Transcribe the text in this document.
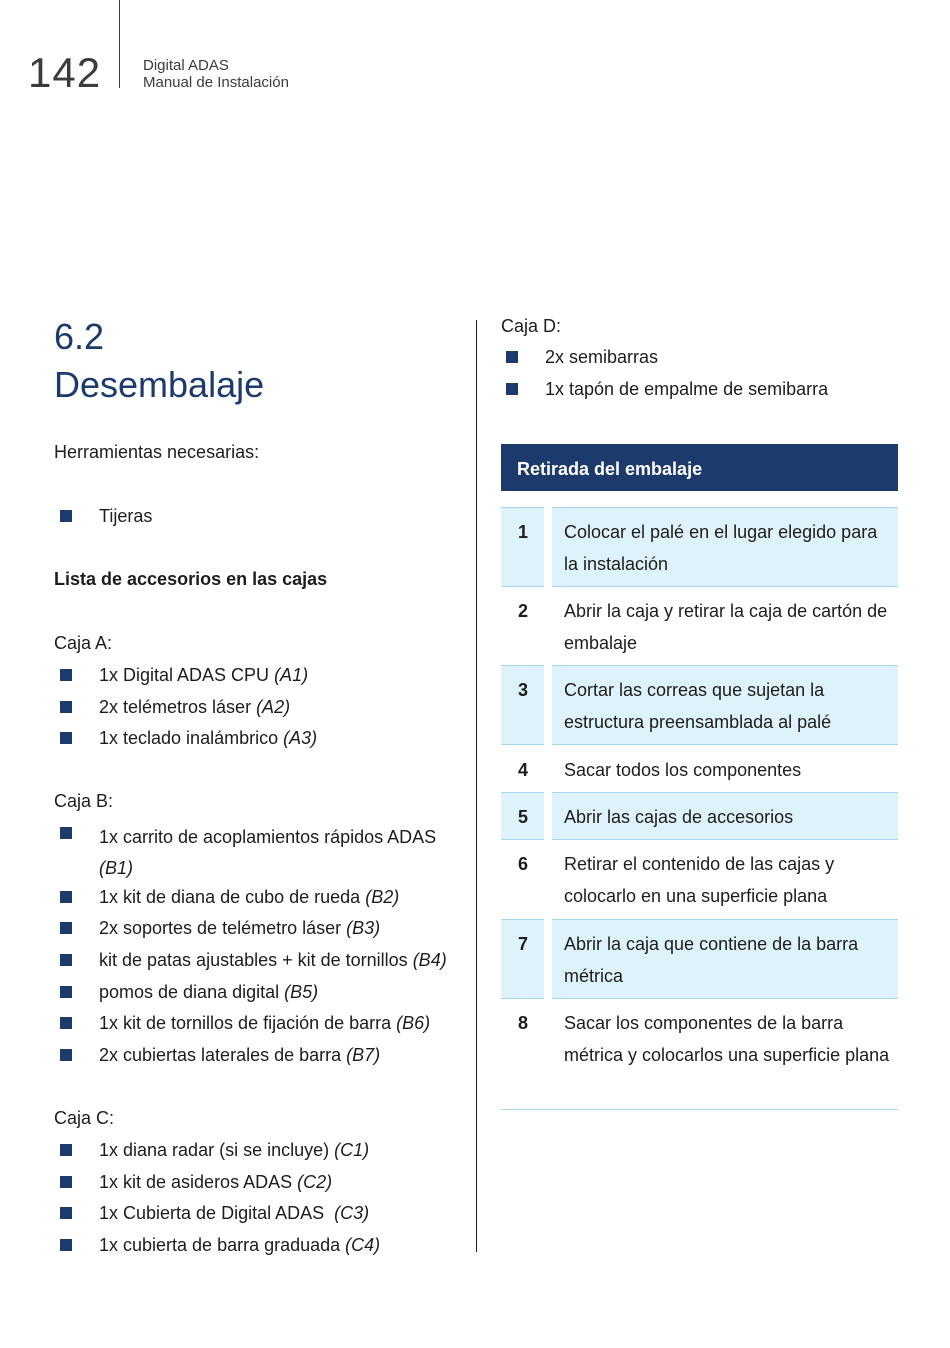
142	Digital ADAS
Manual de Instalación
6.2
Desembalaje
Herramientas necesarias:
Tijeras
Lista de accesorios en las cajas
Caja A:
1x Digital ADAS CPU (A1)
2x telémetros láser (A2)
1x teclado inalámbrico (A3)
Caja B:
1x carrito de acoplamientos rápidos ADAS
(B1)
1x kit de diana de cubo de rueda (B2)
2x soportes de telémetro láser (B3)
kit de patas ajustables + kit de tornillos (B4)
pomos de diana digital (B5)
1x kit de tornillos de fijación de barra (B6)
2x cubiertas laterales de barra (B7)
Caja C:
1x diana radar (si se incluye) (C1)
1x kit de asideros ADAS (C2)
1x Cubierta de Digital ADAS  (C3)
1x cubierta de barra graduada (C4)
Caja D:
2x semibarras
1x tapón de empalme de semibarra
Retirada del embalaje
1 Colocar el palé en el lugar elegido para la instalación
2 Abrir la caja y retirar la caja de cartón de embalaje
3 Cortar las correas que sujetan la estructura preensamblada al palé
4 Sacar todos los componentes
5 Abrir las cajas de accesorios
6 Retirar el contenido de las cajas y colocarlo en una superficie plana
7 Abrir la caja que contiene de la barra métrica
8 Sacar los componentes de la barra métrica y colocarlos una superficie plana
